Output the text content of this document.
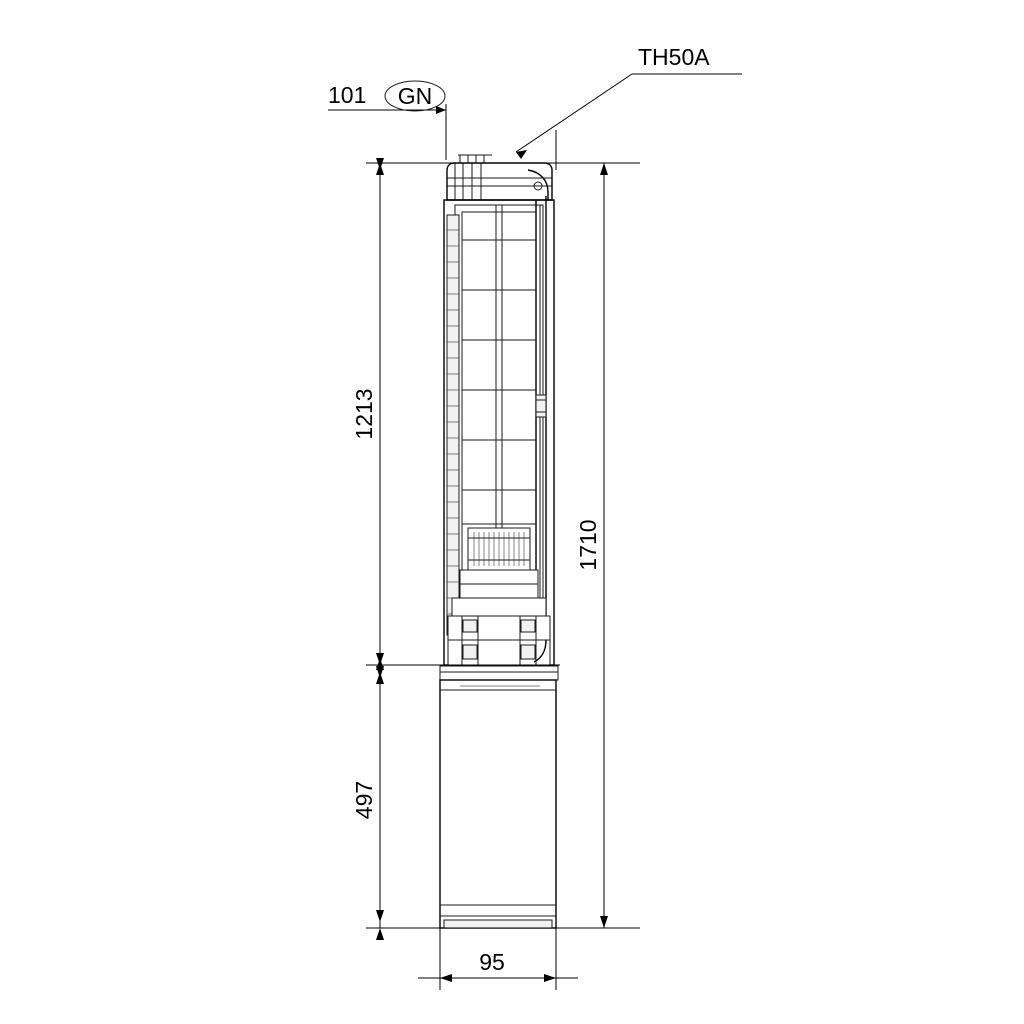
101 GN
TH50A
1213
497
1710
95
